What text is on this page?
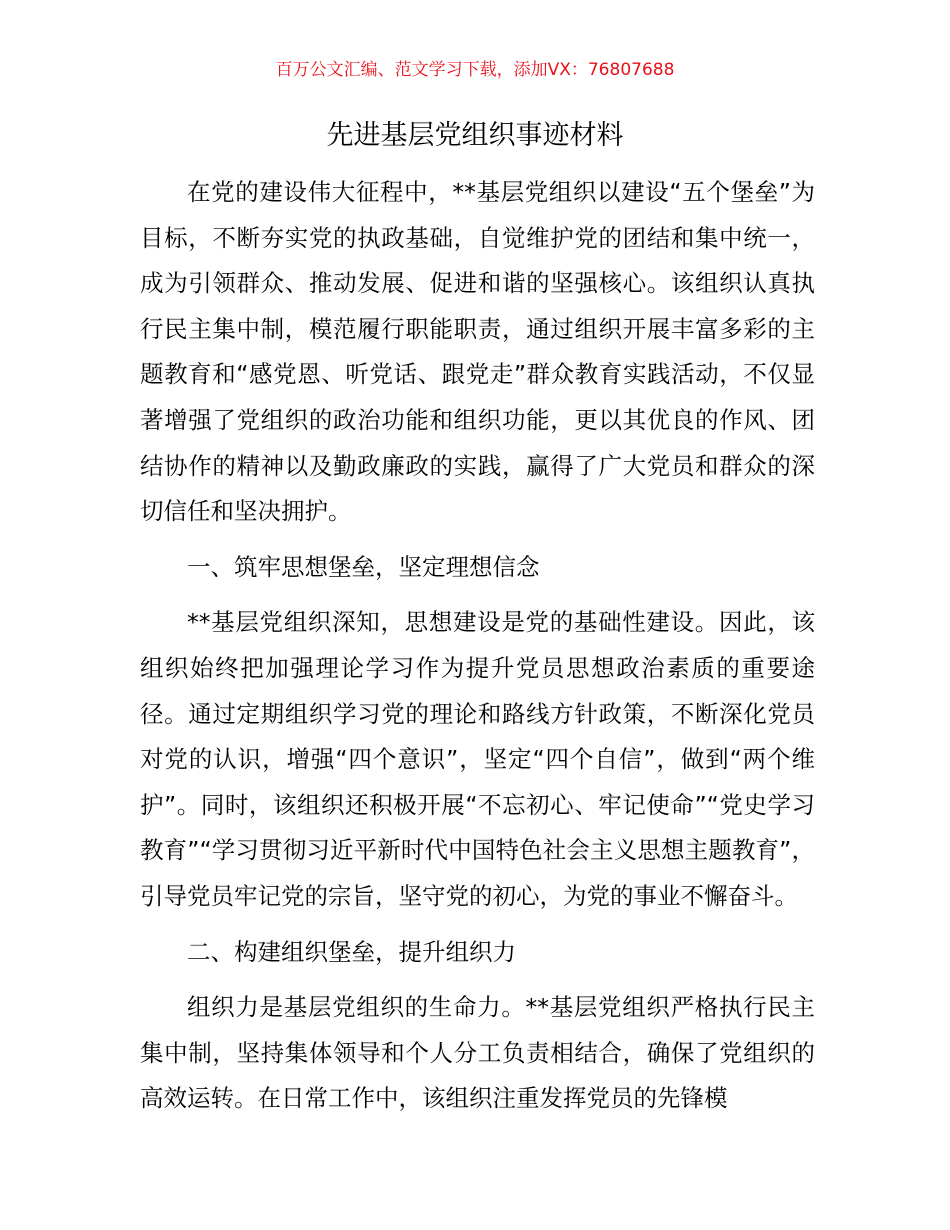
百万公文汇编、范文学习下载，添加VX：76807688
先进基层党组织事迹材料

在党的建设伟大征程中，**基层党组织以建设“五个堡垒”为目标，不断夯实党的执政基础，自觉维护党的团结和集中统一，成为引领群众、推动发展、促进和谐的坚强核心。该组织认真执行民主集中制，模范履行职能职责，通过组织开展丰富多彩的主题教育和“感党恩、听党话、跟党走”群众教育实践活动，不仅显著增强了党组织的政治功能和组织功能，更以其优良的作风、团结协作的精神以及勤政廉政的实践，赢得了广大党员和群众的深切信任和坚决拥护。

一、筑牢思想堡垒，坚定理想信念

**基层党组织深知，思想建设是党的基础性建设。因此，该组织始终把加强理论学习作为提升党员思想政治素质的重要途径。通过定期组织学习党的理论和路线方针政策，不断深化党员对党的认识，增强“四个意识”，坚定“四个自信”，做到“两个维护”。同时，该组织还积极开展“不忘初心、牢记使命”“党史学习教育”“学习贯彻习近平新时代中国特色社会主义思想主题教育”，引导党员牢记党的宗旨，坚守党的初心，为党的事业不懈奋斗。

二、构建组织堡垒，提升组织力

组织力是基层党组织的生命力。**基层党组织严格执行民主集中制，坚持集体领导和个人分工负责相结合，确保了党组织的高效运转。在日常工作中，该组织注重发挥党员的先锋模
